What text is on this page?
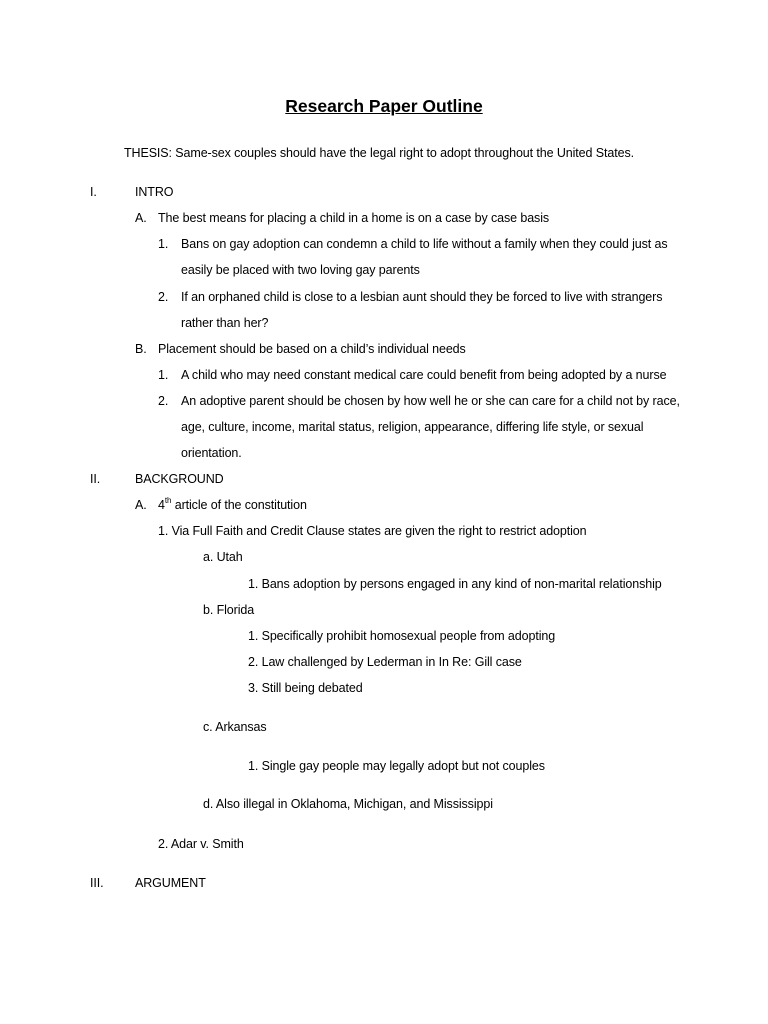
Research Paper Outline
THESIS: Same-sex couples should have the legal right to adopt throughout the United States.
I.	INTRO
A. The best means for placing a child in a home is on a case by case basis
1. Bans on gay adoption can condemn a child to life without a family when they could just as
easily be placed with two loving gay parents
2. If an orphaned child is close to a lesbian aunt should they be forced to live with strangers
rather than her?
B. Placement should be based on a child’s individual needs
1. A child who may need constant medical care could benefit from being adopted by a nurse
2. An adoptive parent should be chosen by how well he or she can care for a child not by race,
age, culture, income, marital status, religion, appearance, differing life style, or sexual
orientation.
II.	BACKGROUND
A. 4th article of the constitution
1. Via Full Faith and Credit Clause states are given the right to restrict adoption
a. Utah
1. Bans adoption by persons engaged in any kind of non-marital relationship
b. Florida
1. Specifically prohibit homosexual people from adopting
2. Law challenged by Lederman in In Re: Gill case
3. Still being debated
c. Arkansas
1. Single gay people may legally adopt but not couples
d. Also illegal in Oklahoma, Michigan, and Mississippi
2. Adar v. Smith
III.	ARGUMENT
